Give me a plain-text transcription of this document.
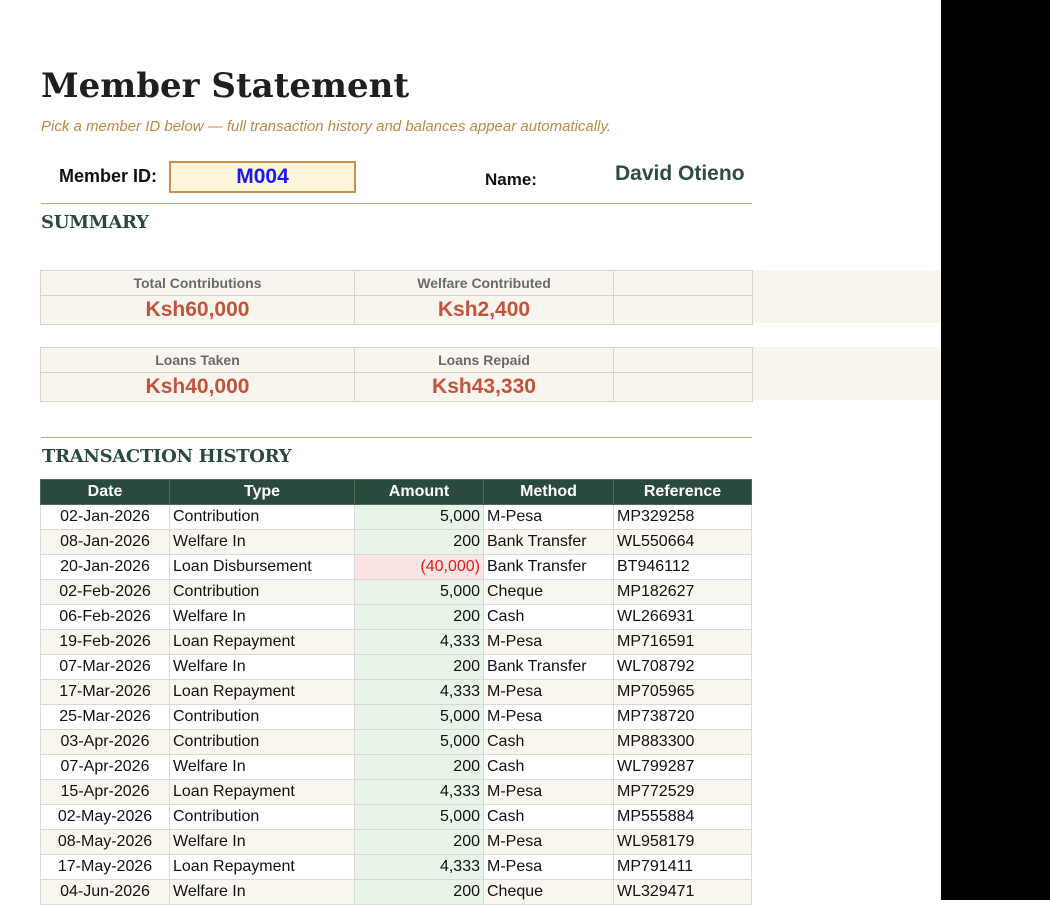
Member Statement
Pick a member ID below — full transaction history and balances appear automatically.
Member ID:	M004	Name:	David Otieno
SUMMARY
Total Contributions	Welfare Contributed	
Ksh60,000	Ksh2,400	
Loans Taken	Loans Repaid	
Ksh40,000	Ksh43,330	
TRANSACTION HISTORY
Date	Type	Amount	Method	Reference
02-Jan-2026	Contribution	5,000	M-Pesa	MP329258
08-Jan-2026	Welfare In	200	Bank Transfer	WL550664
20-Jan-2026	Loan Disbursement	(40,000)	Bank Transfer	BT946112
02-Feb-2026	Contribution	5,000	Cheque	MP182627
06-Feb-2026	Welfare In	200	Cash	WL266931
19-Feb-2026	Loan Repayment	4,333	M-Pesa	MP716591
07-Mar-2026	Welfare In	200	Bank Transfer	WL708792
17-Mar-2026	Loan Repayment	4,333	M-Pesa	MP705965
25-Mar-2026	Contribution	5,000	M-Pesa	MP738720
03-Apr-2026	Contribution	5,000	Cash	MP883300
07-Apr-2026	Welfare In	200	Cash	WL799287
15-Apr-2026	Loan Repayment	4,333	M-Pesa	MP772529
02-May-2026	Contribution	5,000	Cash	MP555884
08-May-2026	Welfare In	200	M-Pesa	WL958179
17-May-2026	Loan Repayment	4,333	M-Pesa	MP791411
04-Jun-2026	Welfare In	200	Cheque	WL329471
